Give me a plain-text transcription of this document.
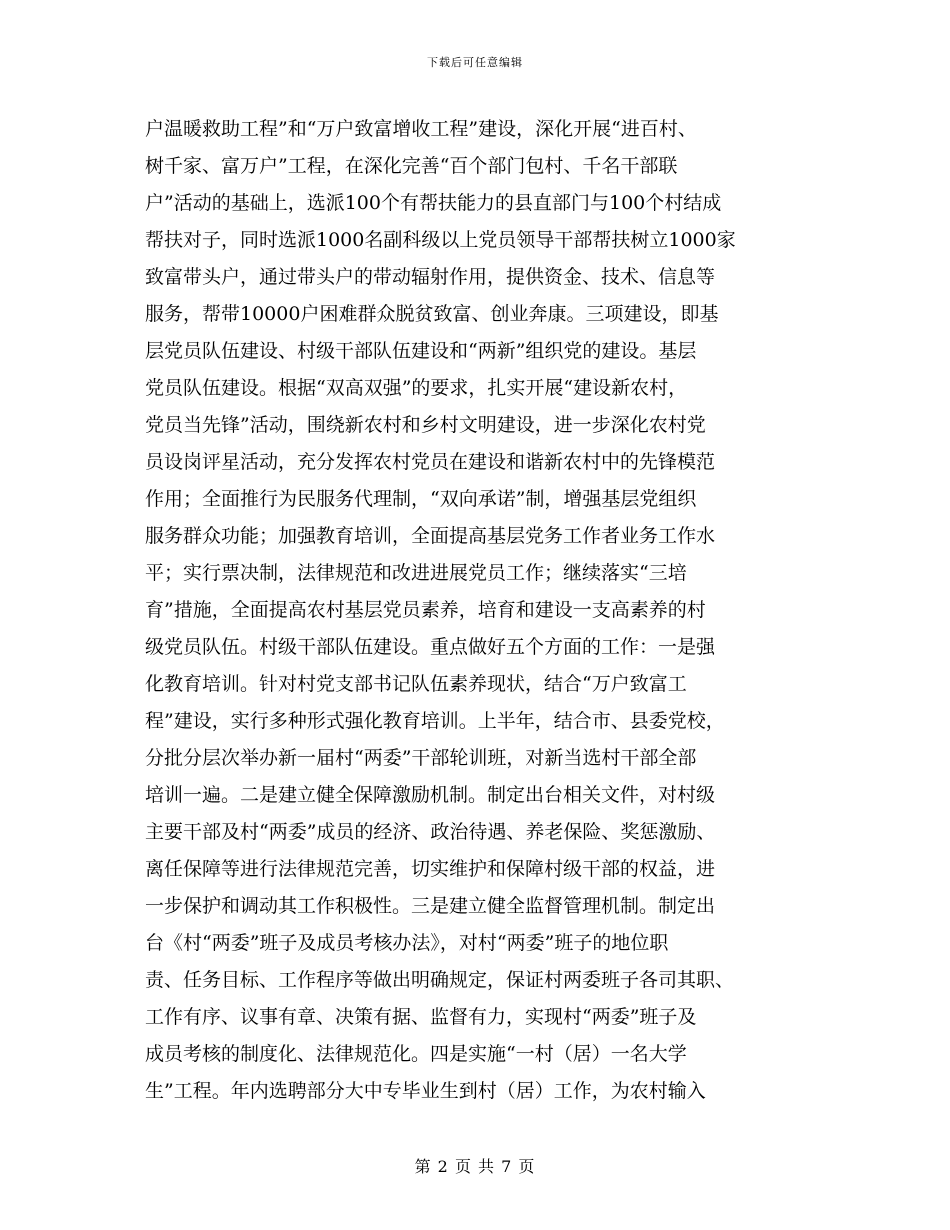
下载后可任意编辑
户温暖救助工程”和“万户致富增收工程”建设，深化开展“进百村、
树千家、富万户”工程，在深化完善“百个部门包村、千名干部联
户”活动的基础上，选派100个有帮扶能力的县直部门与100个村结成
帮扶对子，同时选派1000名副科级以上党员领导干部帮扶树立1000家
致富带头户，通过带头户的带动辐射作用，提供资金、技术、信息等
服务，帮带10000户困难群众脱贫致富、创业奔康。三项建设，即基
层党员队伍建设、村级干部队伍建设和“两新”组织党的建设。基层
党员队伍建设。根据“双高双强”的要求，扎实开展“建设新农村，
党员当先锋”活动，围绕新农村和乡村文明建设，进一步深化农村党
员设岗评星活动，充分发挥农村党员在建设和谐新农村中的先锋模范
作用；全面推行为民服务代理制，“双向承诺”制，增强基层党组织
服务群众功能；加强教育培训，全面提高基层党务工作者业务工作水
平；实行票决制，法律规范和改进进展党员工作；继续落实“三培
育”措施，全面提高农村基层党员素养，培育和建设一支高素养的村
级党员队伍。村级干部队伍建设。重点做好五个方面的工作：一是强
化教育培训。针对村党支部书记队伍素养现状，结合“万户致富工
程”建设，实行多种形式强化教育培训。上半年，结合市、县委党校，
分批分层次举办新一届村“两委”干部轮训班，对新当选村干部全部
培训一遍。二是建立健全保障激励机制。制定出台相关文件，对村级
主要干部及村“两委”成员的经济、政治待遇、养老保险、奖惩激励、
离任保障等进行法律规范完善，切实维护和保障村级干部的权益，进
一步保护和调动其工作积极性。三是建立健全监督管理机制。制定出
台《村“两委”班子及成员考核办法》，对村“两委”班子的地位职
责、任务目标、工作程序等做出明确规定，保证村两委班子各司其职、
工作有序、议事有章、决策有据、监督有力，实现村“两委”班子及
成员考核的制度化、法律规范化。四是实施“一村（居）一名大学
生”工程。年内选聘部分大中专毕业生到村（居）工作，为农村输入
第 2 页 共 7 页
